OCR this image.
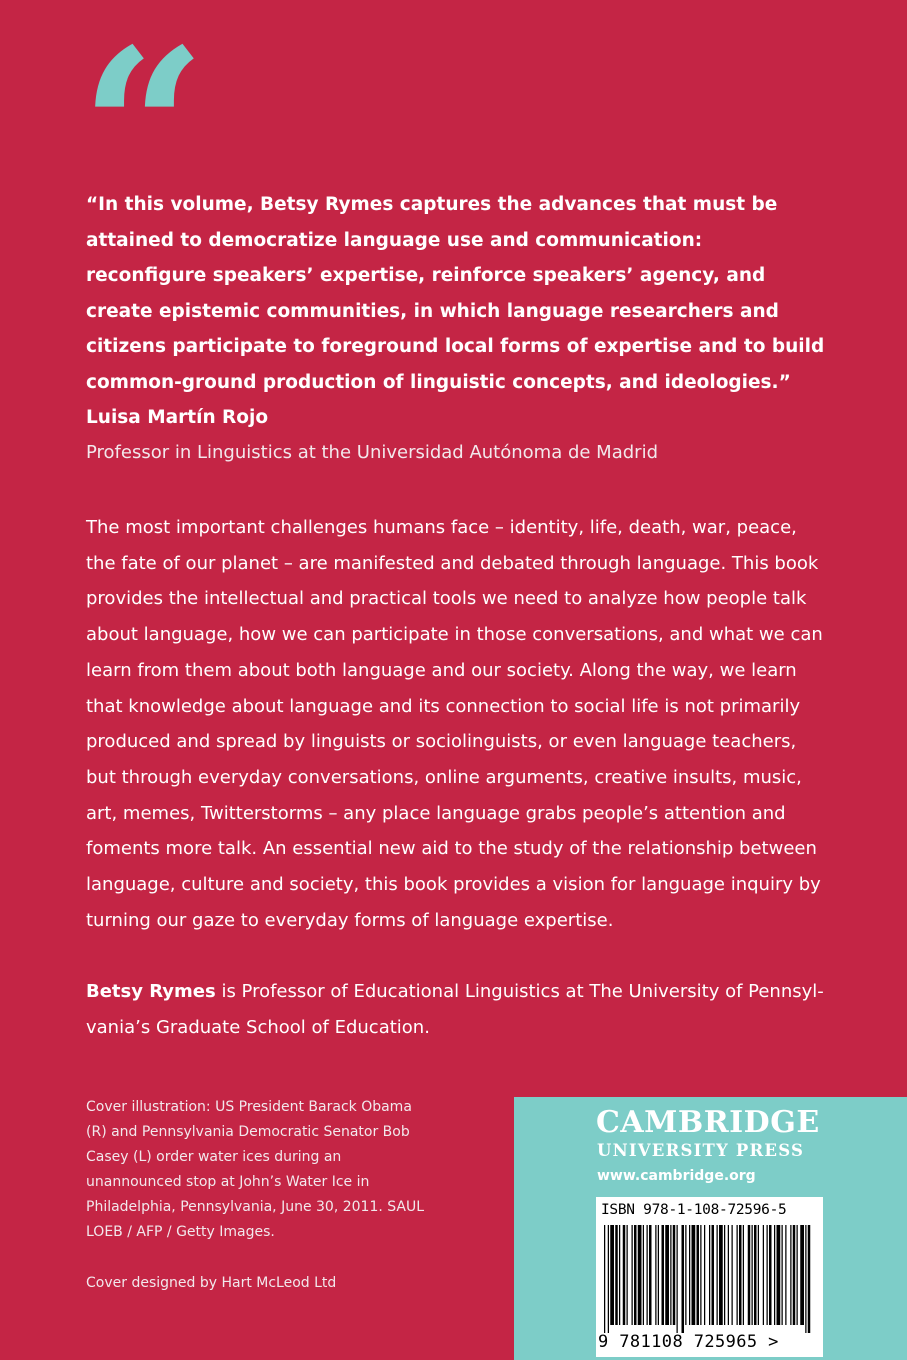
“

“In this volume, Betsy Rymes captures the advances that must be attained to democratize language use and communication: reconfigure speakers’ expertise, reinforce speakers’ agency, and create epistemic communities, in which language researchers and citizens participate to foreground local forms of expertise and to build common-ground production of linguistic concepts, and ideologies.”

Luisa Martín Rojo

Professor in Linguistics at the Universidad Autónoma de Madrid

The most important challenges humans face – identity, life, death, war, peace, the fate of our planet – are manifested and debated through language. This book provides the intellectual and practical tools we need to analyze how people talk about language, how we can participate in those conversations, and what we can learn from them about both language and our society. Along the way, we learn that knowledge about language and its connection to social life is not primarily produced and spread by linguists or sociolinguists, or even language teachers, but through everyday conversations, online arguments, creative insults, music, art, memes, Twitterstorms – any place language grabs people’s attention and foments more talk. An essential new aid to the study of the relationship between language, culture and society, this book provides a vision for language inquiry by turning our gaze to everyday forms of language expertise.

Betsy Rymes is Professor of Educational Linguistics at The University of Pennsyl-vania’s Graduate School of Education.

Cover illustration: US President Barack Obama (R) and Pennsylvania Democratic Senator Bob Casey (L) order water ices during an unannounced stop at John’s Water Ice in Philadelphia, Pennsylvania, June 30, 2011. SAUL LOEB / AFP / Getty Images.

Cover designed by Hart McLeod Ltd

CAMBRIDGE

UNIVERSITY PRESS

www.cambridge.org

ISBN 978-1-108-72596-5

9 781108 725965 >
